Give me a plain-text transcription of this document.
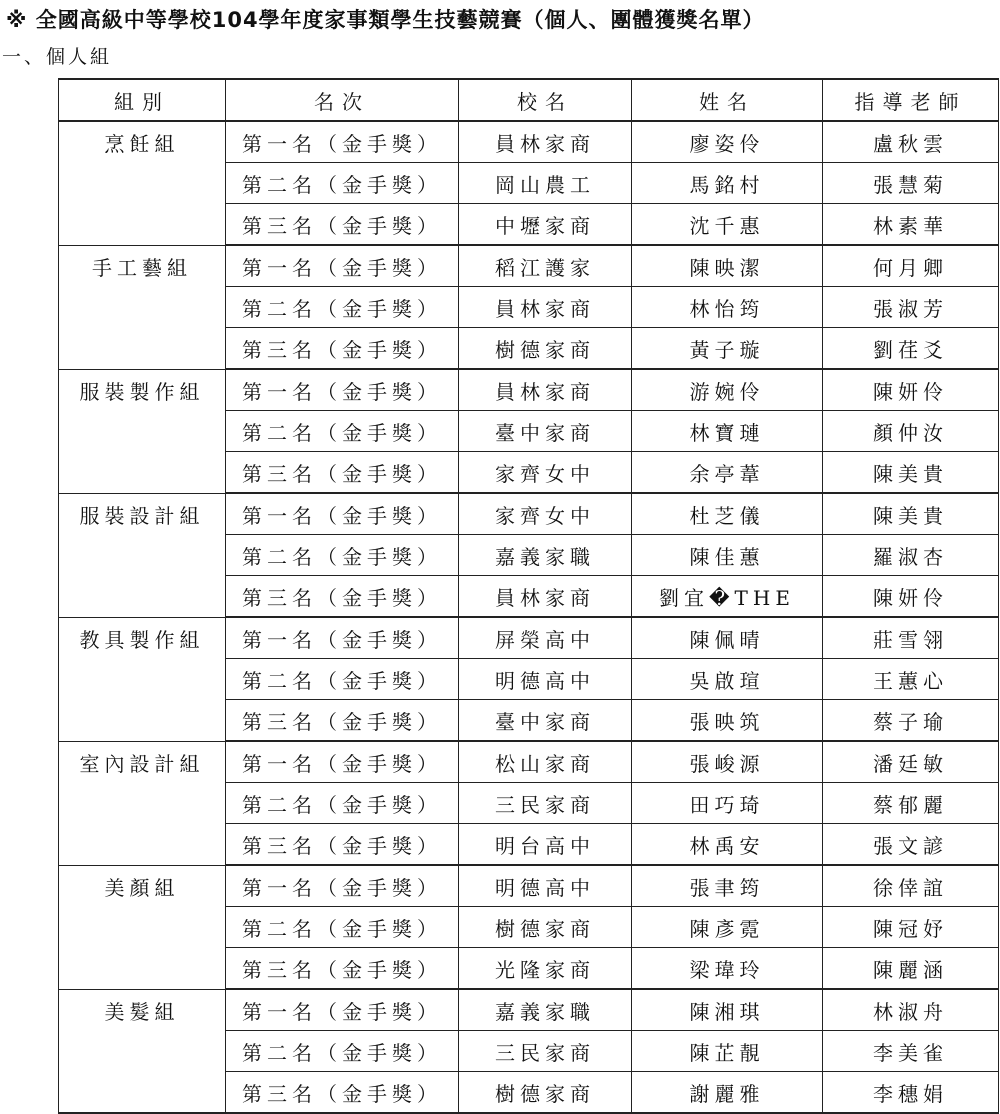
※ 全國高級中等學校104學年度家事類學生技藝競賽（個人、團體獲獎名單）
一、個人組
組別	名次	校名	姓名	指導老師
烹飪組	第一名（金手獎）	員林家商	廖姿伶	盧秋雲
	第二名（金手獎）	岡山農工	馬銘村	張慧菊
	第三名（金手獎）	中壢家商	沈千惠	林素華
手工藝組	第一名（金手獎）	稻江護家	陳映潔	何月卿
	第二名（金手獎）	員林家商	林怡筠	張淑芳
	第三名（金手獎）	樹德家商	黃子璇	劉荏爻
服裝製作組	第一名（金手獎）	員林家商	游婉伶	陳妍伶
	第二名（金手獎）	臺中家商	林寶璉	顏仲汝
	第三名（金手獎）	家齊女中	余亭葦	陳美貴
服裝設計組	第一名（金手獎）	家齊女中	杜芝儀	陳美貴
	第二名（金手獎）	嘉義家職	陳佳蕙	羅淑杏
	第三名（金手獎）	員林家商	劉宜�THE	陳妍伶
教具製作組	第一名（金手獎）	屏榮高中	陳佩晴	莊雪翎
	第二名（金手獎）	明德高中	吳啟瑄	王蕙心
	第三名（金手獎）	臺中家商	張映筑	蔡子瑜
室內設計組	第一名（金手獎）	松山家商	張峻源	潘廷敏
	第二名（金手獎）	三民家商	田巧琦	蔡郁麗
	第三名（金手獎）	明台高中	林禹安	張文諺
美顏組	第一名（金手獎）	明德高中	張聿筠	徐倖誼
	第二名（金手獎）	樹德家商	陳彥霓	陳冠妤
	第三名（金手獎）	光隆家商	梁瑋玲	陳麗涵
美髮組	第一名（金手獎）	嘉義家職	陳湘琪	林淑舟
	第二名（金手獎）	三民家商	陳芷靚	李美雀
	第三名（金手獎）	樹德家商	謝麗雅	李穗娟
